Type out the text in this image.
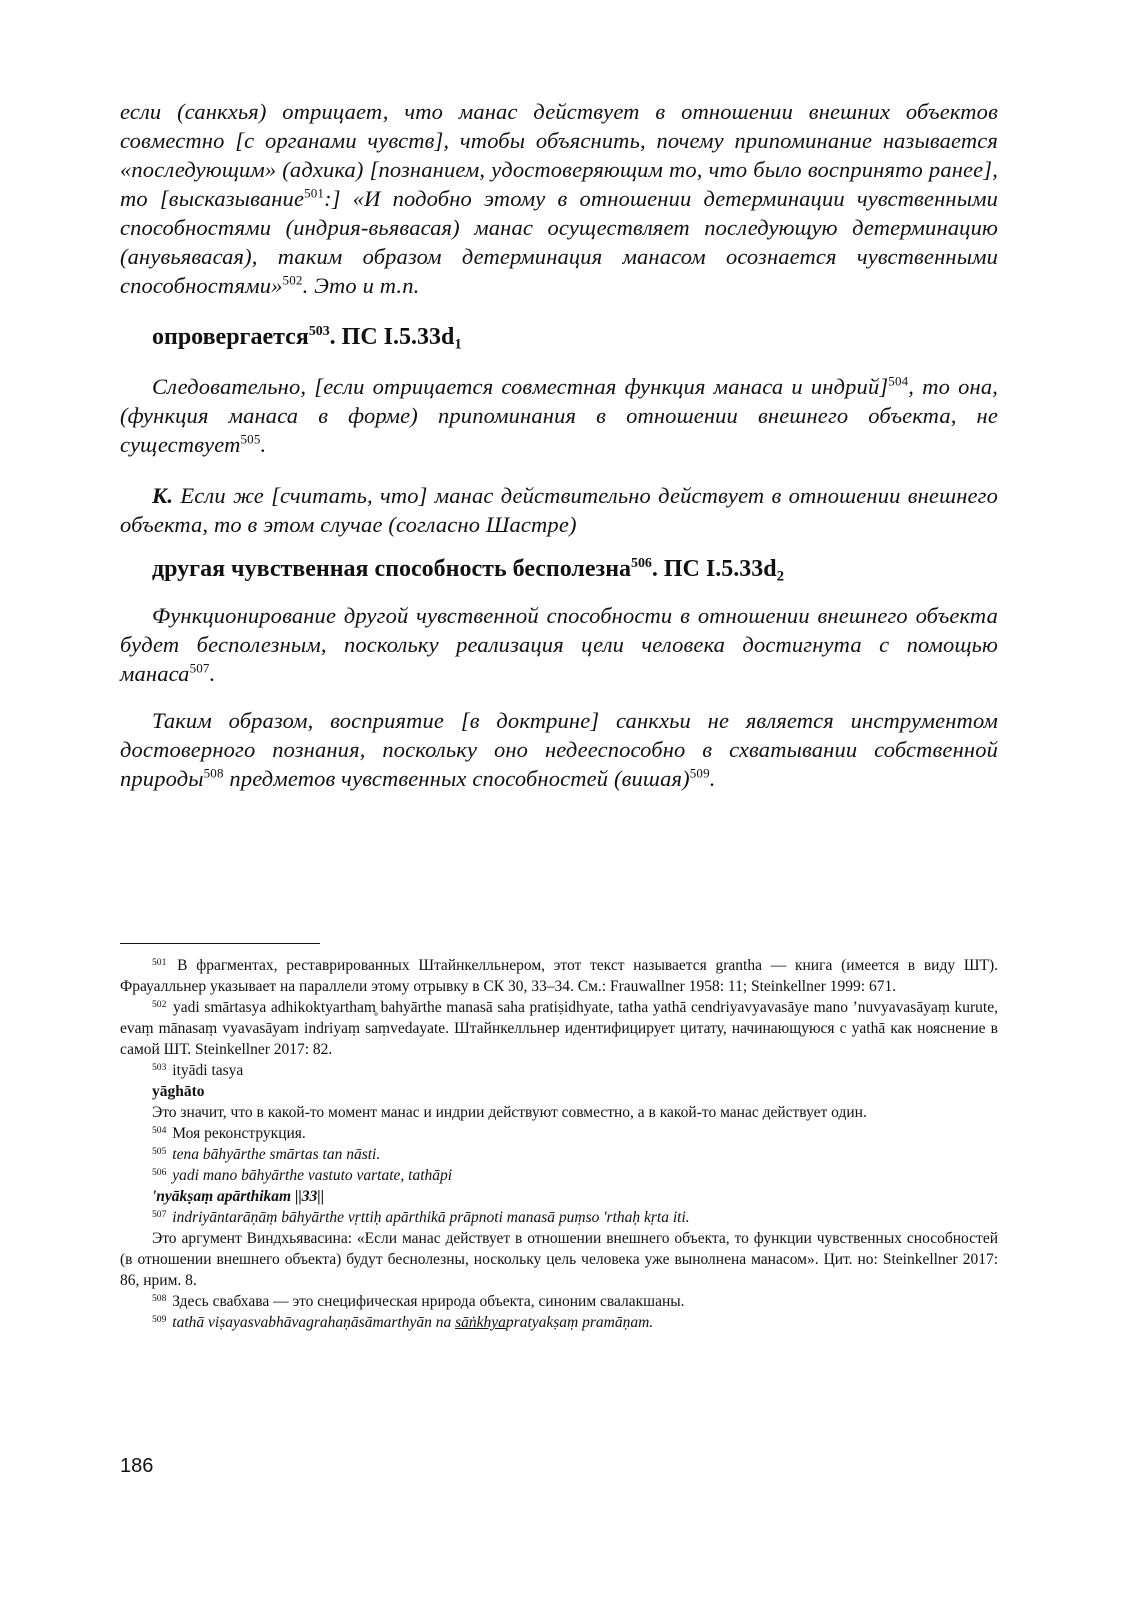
если (санкхья) отрицает, что манас действует в отношении внешних объектов совместно [с органами чувств], чтобы объяснить, почему припоминание называется «последующим» (адхика) [познанием, удостоверяющим то, что было воспринято ранее], то [высказывание$^{501}$:] «И подобно этому в отношении детерминации чувственными способностями (индрия-вьявасая) манас осуществляет последующую детерминацию (анувьявасая), таким образом детерминация манасом осознается чувственными способностями»$^{502}$. Это и т.п.

опровергается$^{503}$. ПС $I.5.33d_1$

Следовательно, [если отрицается совместная функция манаса и индрий]$^{504}$, то она, (функция манаса в форме) припоминания в отношении внешнего объекта, не существует$^{505}$.

К. Если же [считать, что] манас действительно действует в отношении внешнего объекта, то в этом случае (согласно Шастре)

другая чувственная способность бесполезна$^{506}$. ПС $I.5.33d_2$

Функционирование другой чувственной способности в отношении внешнего объекта будет бесполезным, поскольку реализация цели человека достигнута с помощью манаса$^{507}$.

Таким образом, восприятие [в доктрине] санкхьи не является инструментом достоверного познания, поскольку оно недееспособно в схватывании собственной природы$^{508}$ предметов чувственных способностей (вишая)$^{509}$.

$^{501}$ В фрагментах, реставрированных Штайнкелльнером, этот текст называется grantha — книга (имеется в виду ШТ). Фрауалльнер указывает на параллели этому отрывку в СК 30, 33–34. См.: Frauwallner 1958: 11; Steinkellner 1999: 671.

$^{502}$ yadi smārtasya adhikoktyartham̥ bahyārthe manasā saha pratiṣidhyate, tatha yathā cendriyavyavasāye mano ’nuvyavasāyaṃ kurute, evaṃ mānasaṃ vyavasāyam indriyaṃ saṃvedayate. Штайнкелльнер идентифицирует цитату, начинающуюся с yathā как нояснение в самой ШТ. Steinkellner 2017: 82.

$^{503}$ ityādi tasya

yāghāto

Это значит, что в какой-то момент манас и индрии действуют совместно, а в какой-то манас действует один.

$^{504}$ Моя реконструкция.

$^{505}$ tena bāhyārthe smārtas tan nāsti.

$^{506}$ yadi mano bāhyārthe vastuto vartate, tathāpi

'nyākṣaṃ apārthikam ||33||

$^{507}$ indriyāntarāṇāṃ bāhyārthe vṛttiḥ apārthikā prāpnoti manasā puṃso 'rthaḥ kṛta iti.

Это аргумент Виндхьявасина: «Если манас действует в отношении внешнего объекта, то функции чувственных снособностей (в отношении внешнего объекта) будут беснолезны, носкольку цель человека уже вынолнена манасом». Цит. но: Steinkellner 2017: 86, нрим. 8.

$^{508}$ Здесь свабхава — это снецифическая нрирода объекта, синоним свалакшаны.

$^{509}$ tathā viṣayasvabhāvagrahaṇāsāmarthyān na sāṅkhyapratyakṣaṃ pramāṇam.

186
